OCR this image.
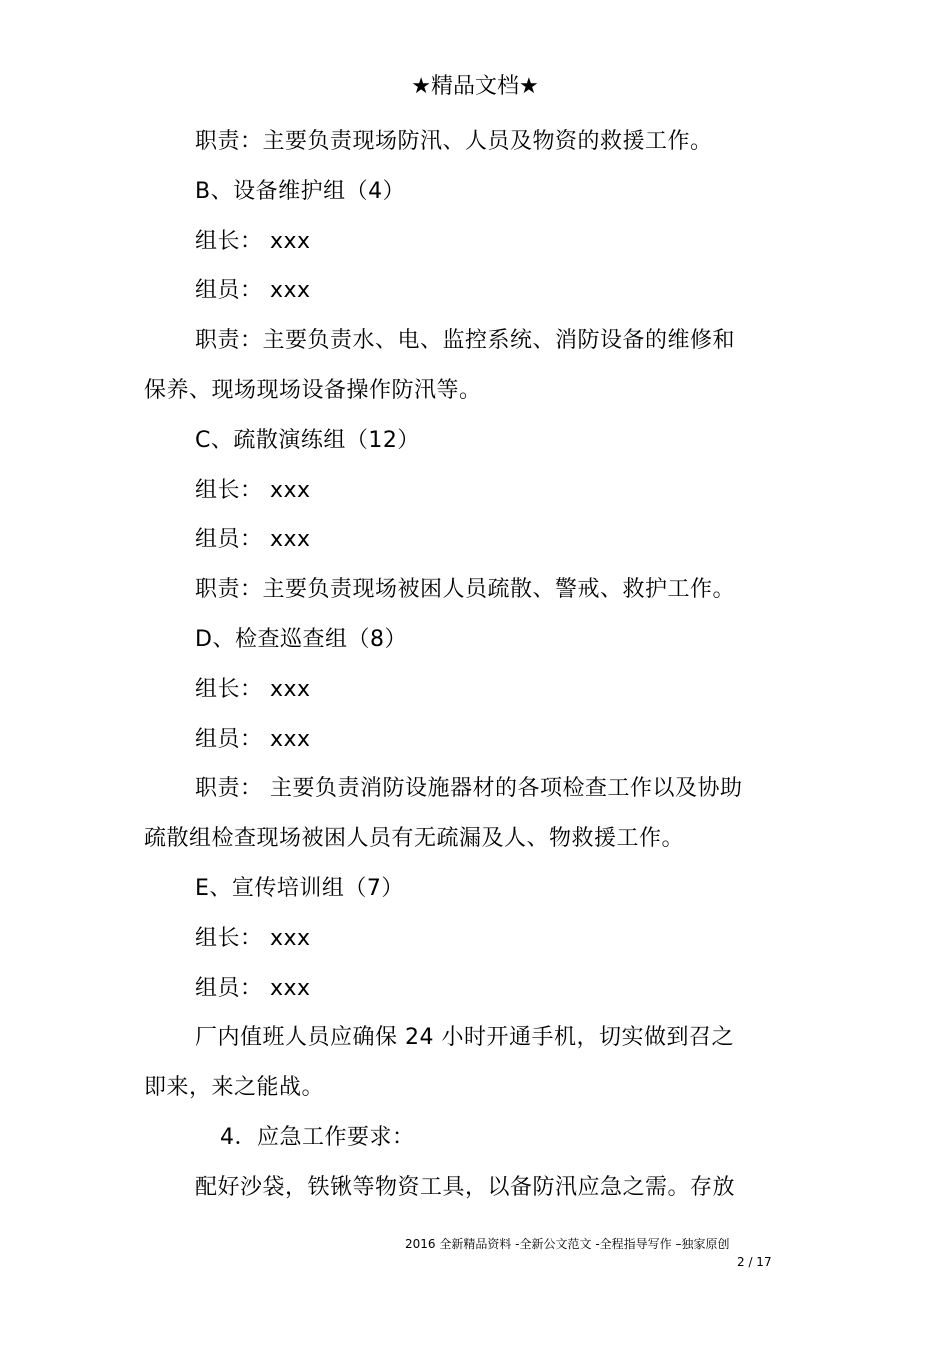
★精品文档★
职责：主要负责现场防汛、人员及物资的救援工作。
B、设备维护组（4）
组长： xxx
组员： xxx
职责：主要负责水、电、监控系统、消防设备的维修和
保养、现场现场设备操作防汛等。
C、疏散演练组（12）
组长： xxx
组员： xxx
职责：主要负责现场被困人员疏散、警戒、救护工作。
D、检查巡查组（8）
组长： xxx
组员： xxx
职责： 主要负责消防设施器材的各项检查工作以及协助
疏散组检查现场被困人员有无疏漏及人、物救援工作。
E、宣传培训组（7）
组长： xxx
组员： xxx
厂内值班人员应确保 24 小时开通手机，切实做到召之
即来，来之能战。
4．应急工作要求：
配好沙袋，铁锹等物资工具，以备防汛应急之需。存放
2016 全新精品资料 -全新公文范文 -全程指导写作 –独家原创
2 / 17
